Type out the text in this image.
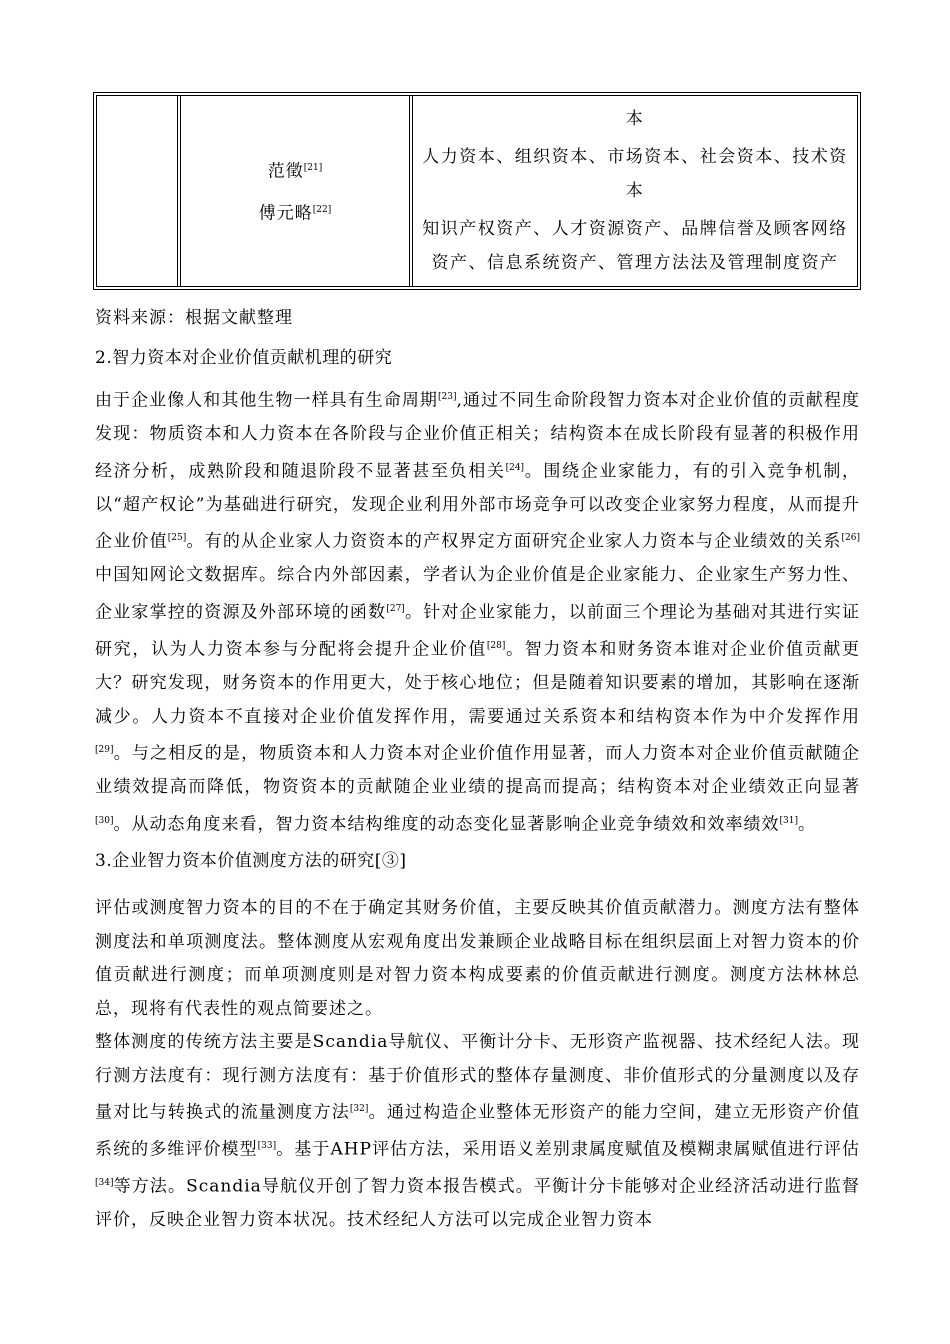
范徵[21]
傅元略[22]
本
人力资本、组织资本、市场资本、社会资本、技术资
本
知识产权资产、人才资源资产、品牌信誉及顾客网络
资产、信息系统资产、管理方法法及管理制度资产
资料来源：根据文献整理
2.智力资本对企业价值贡献机理的研究
由于企业像人和其他生物一样具有生命周期[23],通过不同生命阶段智力资本对企业价值的贡献程度发现：物质资本和人力资本在各阶段与企业价值正相关；结构资本在成长阶段有显著的积极作用经济分析，成熟阶段和随退阶段不显著甚至负相关[24]。围绕企业家能力，有的引入竞争机制，以“超产权论”为基础进行研究，发现企业利用外部市场竞争可以改变企业家努力程度，从而提升企业价值[25]。有的从企业家人力资资本的产权界定方面研究企业家人力资本与企业绩效的关系[26]中国知网论文数据库。综合内外部因素，学者认为企业价值是企业家能力、企业家生产努力性、企业家掌控的资源及外部环境的函数[27]。针对企业家能力，以前面三个理论为基础对其进行实证研究，认为人力资本参与分配将会提升企业价值[28]。智力资本和财务资本谁对企业价值贡献更大？研究发现，财务资本的作用更大，处于核心地位；但是随着知识要素的增加，其影响在逐渐减少。人力资本不直接对企业价值发挥作用，需要通过关系资本和结构资本作为中介发挥作用[29]。与之相反的是，物质资本和人力资本对企业价值作用显著，而人力资本对企业价值贡献随企业绩效提高而降低，物资资本的贡献随企业业绩的提高而提高；结构资本对企业绩效正向显著[30]。从动态角度来看，智力资本结构维度的动态变化显著影响企业竞争绩效和效率绩效[31]。
3.企业智力资本价值测度方法的研究[③]
评估或测度智力资本的目的不在于确定其财务价值，主要反映其价值贡献潜力。测度方法有整体测度法和单项测度法。整体测度从宏观角度出发兼顾企业战略目标在组织层面上对智力资本的价值贡献进行测度；而单项测度则是对智力资本构成要素的价值贡献进行测度。测度方法林林总总，现将有代表性的观点简要述之。
整体测度的传统方法主要是Scandia导航仪、平衡计分卡、无形资产监视器、技术经纪人法。现行测方法度有：现行测方法度有：基于价值形式的整体存量测度、非价值形式的分量测度以及存量对比与转换式的流量测度方法[32]。通过构造企业整体无形资产的能力空间，建立无形资产价值系统的多维评价模型[33]。基于AHP评估方法，采用语义差别隶属度赋值及模糊隶属赋值进行评估[34]等方法。Scandia导航仪开创了智力资本报告模式。平衡计分卡能够对企业经济活动进行监督评价，反映企业智力资本状况。技术经纪人方法可以完成企业智力资本
